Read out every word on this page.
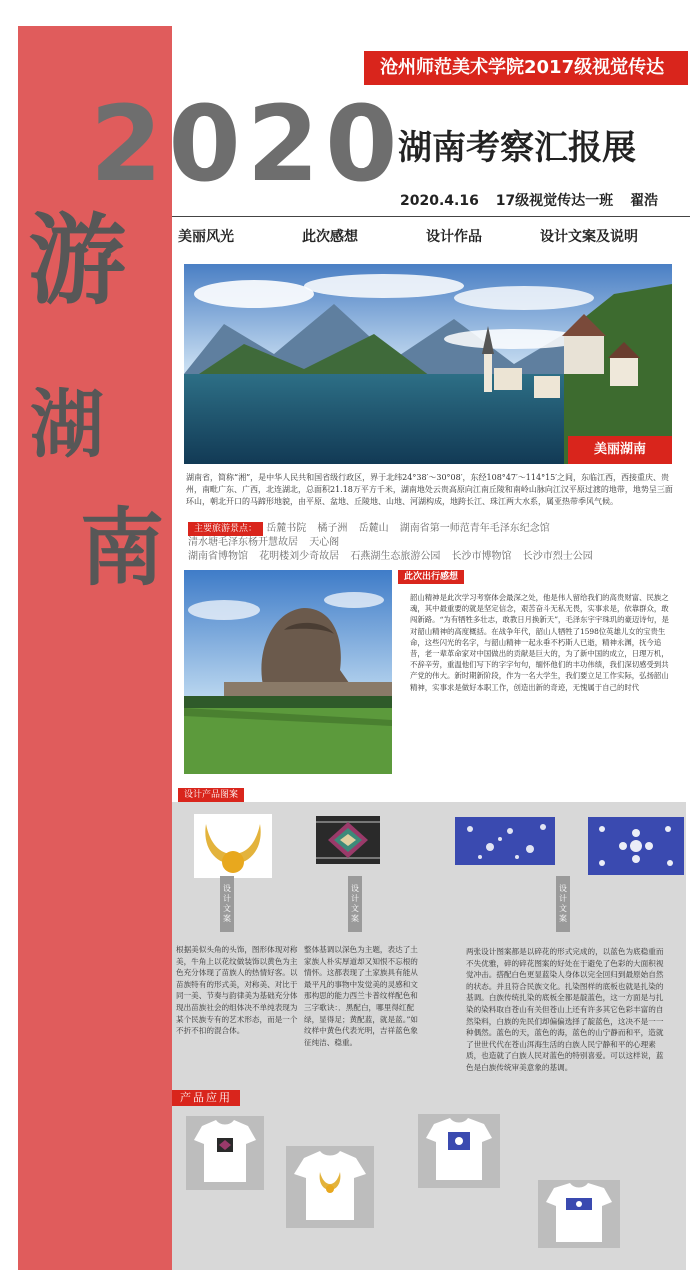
游
湖
南
沧州师范美术学院2017级视觉传达
2020
湖南考察汇报展
2020.4.16 17级视觉传达一班 翟浩
美丽风光	此次感想	设计作品	设计文案及说明
美丽湖南
湖南省，简称“湘”，是中华人民共和国省级行政区，界于北纬24°38′～30°08′，东经108°47′～114°15′之间，东临江西，西接重庆、贵州，南毗广东、广西，北连湖北，总面积21.18万平方千米，湖南地处云贵高原向江南丘陵和南岭山脉向江汉平原过渡的地带，地势呈三面环山，朝北开口的马蹄形地貌，由平原、盆地、丘陵地、山地、河湖构成，地跨长江、珠江两大水系，属亚热带季风气候。
主要旅游景点： 岳麓书院 橘子洲 岳麓山 湖南省第一师范青年毛泽东纪念馆 清水塘毛泽东杨开慧故居 天心阁
湖南省博物馆 花明楼刘少奇故居 石燕湖生态旅游公园 长沙市博物馆 长沙市烈士公园
此次出行感想
韶山精神是此次学习考察体会最深之处，他是伟人留给我们的高贵财富、民族之魂，其中最重要的就是坚定信念，艰苦奋斗无私无畏，实事求是，依靠群众，敢闯新路。“为有牺牲多壮志，敢教日月换新天”，毛泽东宇宇珠玑的豪迈诗句，是对韶山精神的高度概括。在战争年代，韶山人牺牲了1598位英雄儿女的宝贵生命，这些闪光的名字，与韶山精神一起永垂不朽斯人已逝，精神永渊，抚今追昔，老一辈革命家对中国做出的贡献是巨大的，为了新中国的成立，日理万机，不辞辛劳，重温他们写下的字字句句，缅怀他们的丰功伟绩，我们深切感受到共产党的伟大。新时期新阶段，作为一名大学生，我们要立足工作实际，弘扬韶山精神，实事求是做好本职工作，创造出新的奇迹，无愧属于自己的时代
设计产品图案
设计文案
设计文案
设计文案
根据美似头角的头饰，图形体现对称美，牛角上以花纹做装饰以黄色为主色充分体现了苗族人的热情好客。以苗族特有的形式美，对称美、对比于同一美、节奏与韵律美为基础充分体现出苗族社会的组体决不单纯表现为某个民族专有的艺术形态，而是一个不折不扣的混合体。
整体基调以深色为主题，表达了土家族人朴实厚道却又知恨不忘根的情怀。这都表现了土家族具有能从最平凡的事物中发觉美的灵感和文那构思的能力西兰卡普纹样配色和三字歌诀：．黑配白，哪里得红配绿，显得足；黄配蓝，就是蓝。”如纹样中黄色代表光明，吉祥蓝色象征纯洁、稳重。
两张设计图案都是以碎花的形式完成的，以蓝色为底稳重而不失优雅，碎的碎花图案的好处在于避免了色彩的大面积视觉冲击。搭配白色更显蓝染人身体以完全回归到最原始自然的状态。并且符合民族文化。扎染图样的底板也就是扎染的基调。白族传统扎染的底板全都是靛蓝色，这一方面是与扎染的染料取自苍山有关但苍山上还有许多其它色彩丰富的自然染料，白族的先民们却偏偏选择了靛蓝色，这决不是一一种偶然。蓝色的天，蓝色的海，蓝色的山宁静而和平，造就了世世代代在苍山洱海生活的白族人民宁静和平的心理素质，也造就了白族人民对蓝色的特别喜爱。可以这样说，蓝色是白族传统审美意象的基调。
产品应用
